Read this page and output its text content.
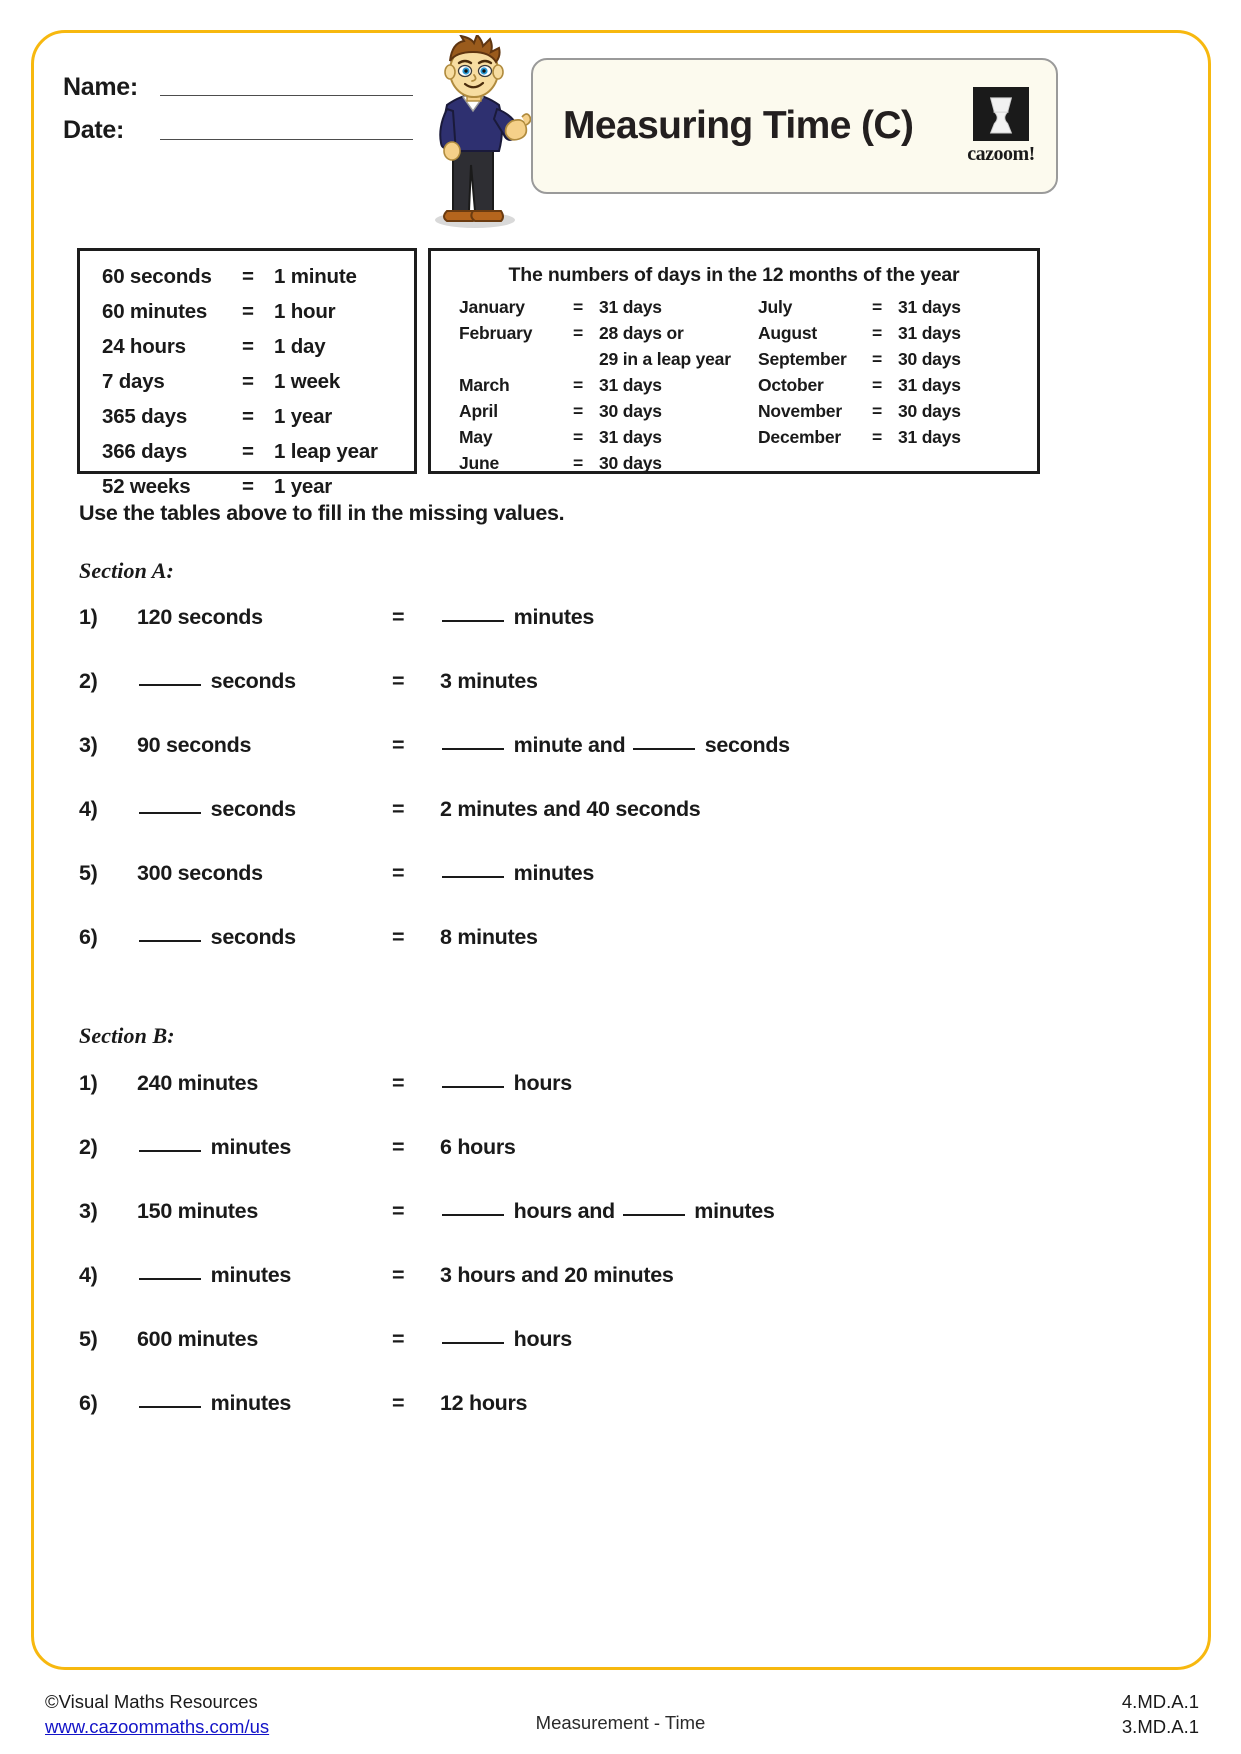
Name:
Date:	Measuring Time (C)
cazoom!
60 seconds	= 1 minute
60 minutes	= 1 hour
24 hours	= 1 day
7 days	= 1 week
365 days	= 1 year
366 days	= 1 leap year
52 weeks	= 1 year
The numbers of days in the 12 months of the year
January	= 31 days
February	= 28 days or
29 in a leap year
March	= 31 days
April	= 30 days
May	= 31 days
June	= 30 days
July	= 31 days
August	= 31 days
September	= 30 days
October	= 31 days
November	= 30 days
December	= 31 days
Use the tables above to fill in the missing values.
Section A:
1)	120 seconds	=	minutes
2)	seconds	=	3 minutes
3)	90 seconds	=	minute and	seconds
4)	seconds	=	2 minutes and 40 seconds
5)	300 seconds	=	minutes
6)	seconds	=	8 minutes
Section B:
1)	240 minutes	=	hours
2)	minutes	=	6 hours
3)	150 minutes	=	hours and	minutes
4)	minutes	=	3 hours and 20 minutes
5)	600 minutes	=	hours
6)	minutes	=	12 hours
©Visual Maths Resources
www.cazoommaths.com/us	Measurement - Time
4.MD.A.1
3.MD.A.1
